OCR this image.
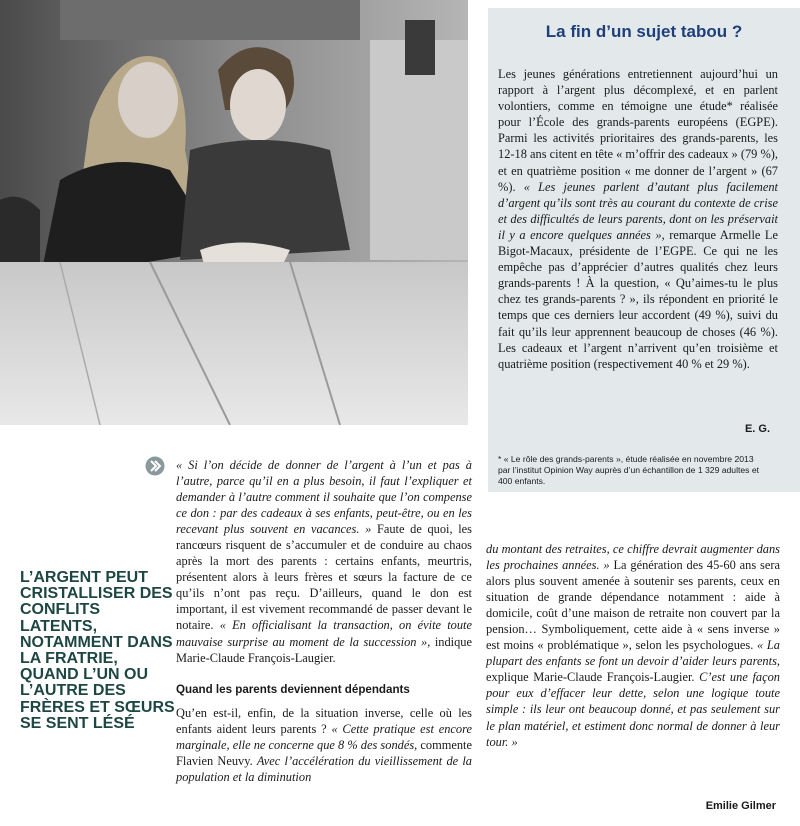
La fin d’un sujet tabou ?
Les jeunes générations entretiennent aujourd’hui un rapport à l’argent plus décomplexé, et en parlent volontiers, comme en témoigne une étude* réalisée pour l’École des grands-parents européens (EGPE). Parmi les activités prioritaires des grands-parents, les 12-18 ans citent en tête « m’offrir des cadeaux » (79 %), et en quatrième position « me donner de l’argent » (67 %). « Les jeunes parlent d’autant plus facilement d’argent qu’ils sont très au courant du contexte de crise et des difficultés de leurs parents, dont on les préservait il y a encore quelques années », remarque Armelle Le Bigot-Macaux, présidente de l’EGPE. Ce qui ne les empêche pas d’apprécier d’autres qualités chez leurs grands-parents ! À la question, « Qu’aimes-tu le plus chez tes grands-parents ? », ils répondent en priorité le temps que ces derniers leur accordent (49 %), suivi du fait qu’ils leur apprennent beaucoup de choses (46 %). Les cadeaux et l’argent n’arrivent qu’en troisième et quatrième position (respectivement 40 % et 29 %).
E. G.
* « Le rôle des grands-parents », étude réalisée en novembre 2013 par l’institut Opinion Way auprès d’un échantillon de 1 329 adultes et 400 enfants.

« Si l’on décide de donner de l’argent à l’un et pas à l’autre, parce qu’il en a plus besoin, il faut l’expliquer et demander à l’autre comment il souhaite que l’on compense ce don : par des cadeaux à ses enfants, peut-être, ou en les recevant plus souvent en vacances. » Faute de quoi, les rancœurs risquent de s’accumuler et de conduire au chaos après la mort des parents : certains enfants, meurtris, présentent alors à leurs frères et sœurs la facture de ce qu’ils n’ont pas reçu. D’ailleurs, quand le don est important, il est vivement recommandé de passer devant le notaire. « En officialisant la transaction, on évite toute mauvaise surprise au moment de la succession », indique Marie-Claude François-Laugier.

Quand les parents deviennent dépendants

Qu’en est-il, enfin, de la situation inverse, celle où les enfants aident leurs parents ? « Cette pratique est encore marginale, elle ne concerne que 8 % des sondés, commente Flavien Neuvy. Avec l’accélération du vieillissement de la population et la diminution

L’ARGENT PEUT CRISTALLISER DES CONFLITS LATENTS, NOTAMMENT DANS LA FRATRIE, QUAND L’UN OU L’AUTRE DES FRÈRES ET SŒURS SE SENT LÉSÉ

du montant des retraites, ce chiffre devrait augmenter dans les prochaines années. » La génération des 45-60 ans sera alors plus souvent amenée à soutenir ses parents, ceux en situation de grande dépendance notamment : aide à domicile, coût d’une maison de retraite non couvert par la pension… Symboliquement, cette aide à « sens inverse » est moins « problématique », selon les psychologues. « La plupart des enfants se font un devoir d’aider leurs parents, explique Marie-Claude François-Laugier. C’est une façon pour eux d’effacer leur dette, selon une logique toute simple : ils leur ont beaucoup donné, et pas seulement sur le plan matériel, et estiment donc normal de donner à leur tour. »

Emilie Gilmer
